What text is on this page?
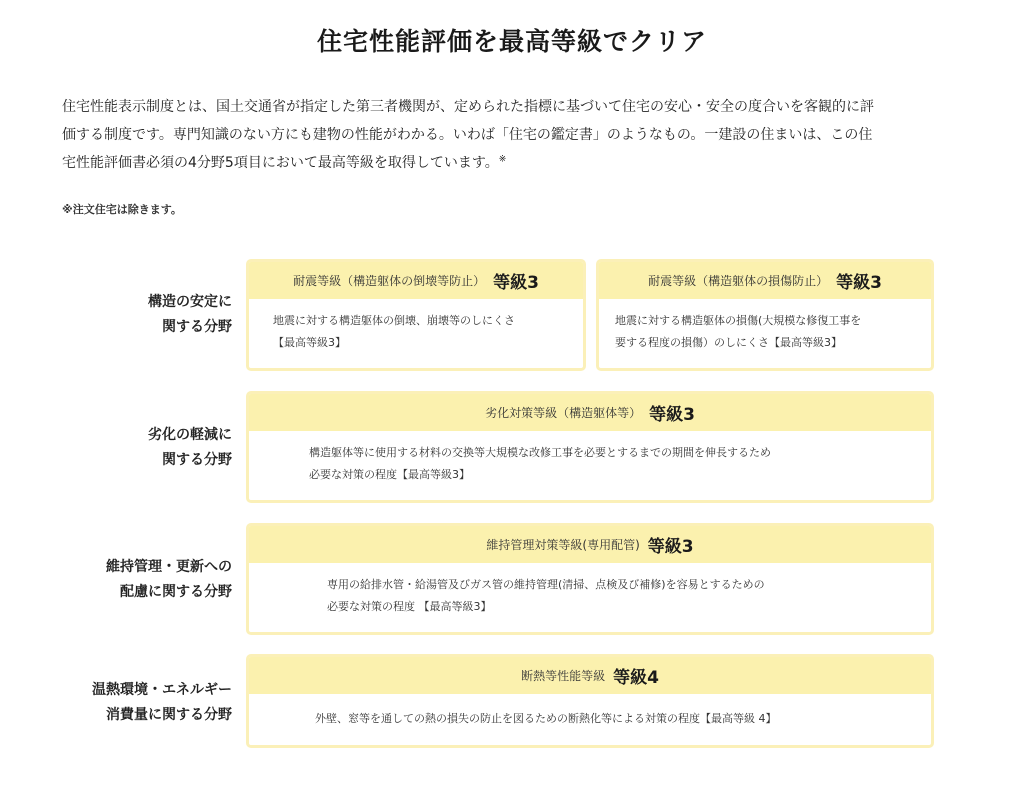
住宅性能評価を最高等級でクリア

住宅性能表示制度とは、国土交通省が指定した第三者機関が、定められた指標に基づいて住宅の安心・安全の度合いを客観的に評

価する制度です。専門知識のない方にも建物の性能がわかる。いわば「住宅の鑑定書」のようなもの。一建設の住まいは、この住

宅性能評価書必須の4分野5項目において最高等級を取得しています。※

※注文住宅は除きます。
構造の安定に
関する分野
耐震等級（構造躯体の倒壊等防止） 等級3
地震に対する構造躯体の倒壊、崩壊等のしにくさ
【最高等級3】
耐震等級（構造躯体の損傷防止） 等級3
地震に対する構造躯体の損傷(大規模な修復工事を
要する程度の損傷）のしにくさ【最高等級3】
劣化の軽減に
関する分野
劣化対策等級（構造躯体等） 等級3
構造躯体等に使用する材料の交換等大規模な改修工事を必要とするまでの期間を伸長するため
必要な対策の程度【最高等級3】
維持管理・更新への
配慮に関する分野
維持管理対策等級(専用配管) 等級3
専用の給排水管・給湯管及びガス管の維持管理(清掃、点検及び補修)を容易とするための
必要な対策の程度 【最高等級3】
温熱環境・エネルギー
消費量に関する分野
断熱等性能等級 等級4
外壁、窓等を通しての熱の損失の防止を図るための断熱化等による対策の程度【最高等級 4】
